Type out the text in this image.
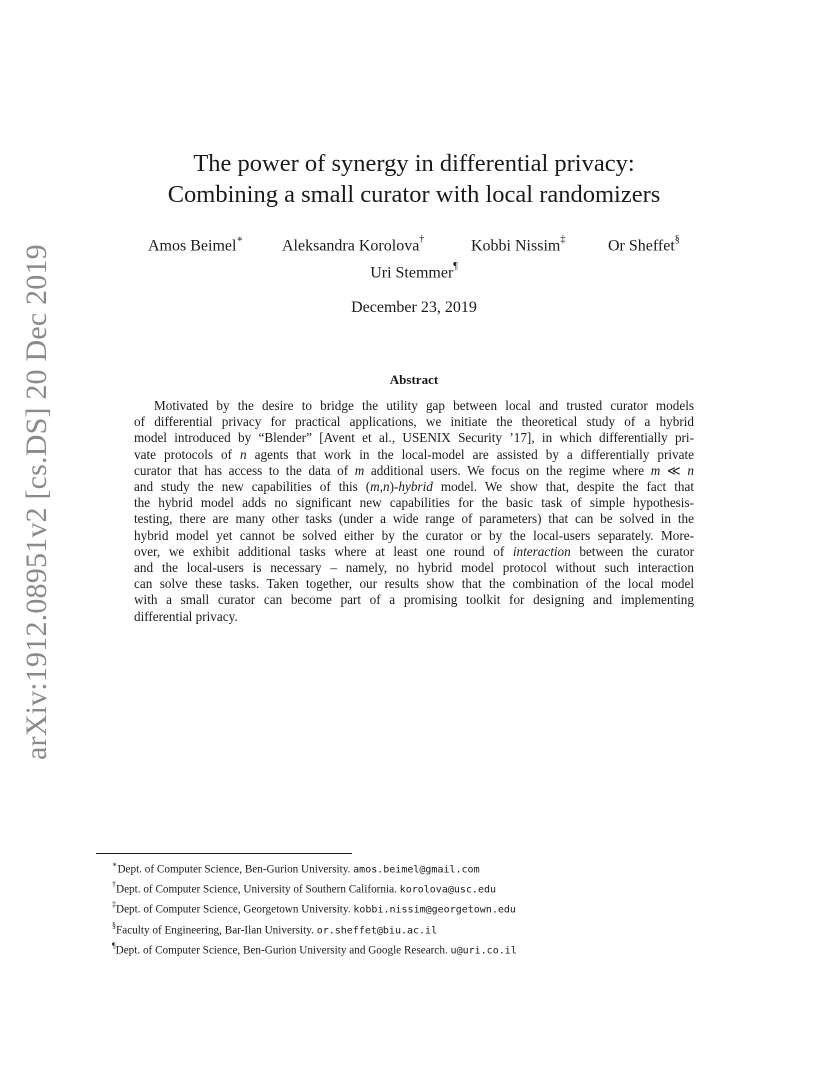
arXiv:1912.08951v2 [cs.DS] 20 Dec 2019
The power of synergy in differential privacy:
Combining a small curator with local randomizers
Amos Beimel∗ Aleksandra Korolova†	Kobbi Nissim‡	Or Sheffet§
Uri Stemmer¶
December 23, 2019
Abstract
Motivated by the desire to bridge the utility gap between local and trusted curator models
of differential privacy for practical applications, we initiate the theoretical study of a hybrid
model introduced by “Blender” [Avent et al., USENIX Security ’17], in which differentially pri-
vate protocols of n agents that work in the local-model are assisted by a differentially private
curator that has access to the data of m additional users. We focus on the regime where m ≪ n
and study the new capabilities of this (m,n)-hybrid model. We show that, despite the fact that
the hybrid model adds no significant new capabilities for the basic task of simple hypothesis-
testing, there are many other tasks (under a wide range of parameters) that can be solved in the
hybrid model yet cannot be solved either by the curator or by the local-users separately. More-
over, we exhibit additional tasks where at least one round of interaction between the curator
and the local-users is necessary – namely, no hybrid model protocol without such interaction
can solve these tasks. Taken together, our results show that the combination of the local model
with a small curator can become part of a promising toolkit for designing and implementing
differential privacy.
∗Dept. of Computer Science, Ben-Gurion University. amos.beimel@gmail.com
†Dept. of Computer Science, University of Southern California. korolova@usc.edu
‡Dept. of Computer Science, Georgetown University. kobbi.nissim@georgetown.edu
§Faculty of Engineering, Bar-Ilan University. or.sheffet@biu.ac.il
¶Dept. of Computer Science, Ben-Gurion University and Google Research. u@uri.co.il
